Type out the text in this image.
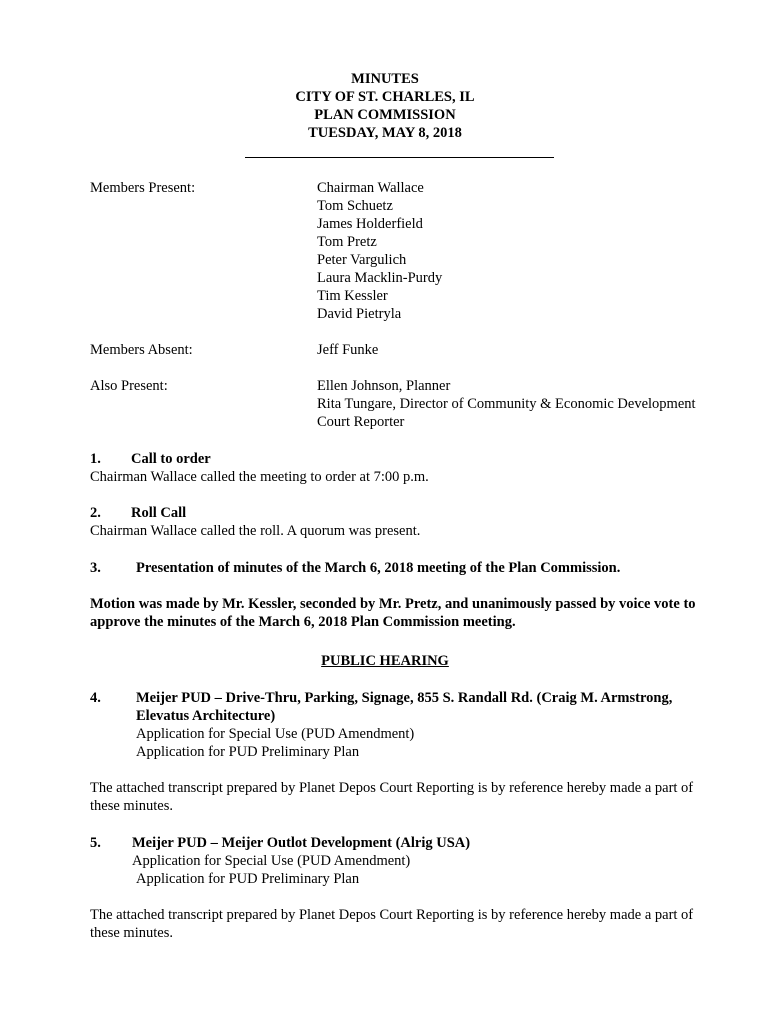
MINUTES
CITY OF ST. CHARLES, IL
PLAN COMMISSION
TUESDAY, MAY 8, 2018
Members Present:	Chairman Wallace
Tom Schuetz
James Holderfield
Tom Pretz
Peter Vargulich
Laura Macklin-Purdy
Tim Kessler
David Pietryla
Members Absent:	Jeff Funke
Also Present:	Ellen Johnson, Planner
Rita Tungare, Director of Community & Economic Development
Court Reporter
1. Call to order
Chairman Wallace called the meeting to order at 7:00 p.m.
2. Roll Call
Chairman Wallace called the roll. A quorum was present.
3. Presentation of minutes of the March 6, 2018 meeting of the Plan Commission.
Motion was made by Mr. Kessler, seconded by Mr. Pretz, and unanimously passed by voice vote to
approve the minutes of the March 6, 2018 Plan Commission meeting.
PUBLIC HEARING
4. Meijer PUD – Drive-Thru, Parking, Signage, 855 S. Randall Rd. (Craig M. Armstrong,
Elevatus Architecture)
Application for Special Use (PUD Amendment)
Application for PUD Preliminary Plan
The attached transcript prepared by Planet Depos Court Reporting is by reference hereby made a part of
these minutes.
5. Meijer PUD – Meijer Outlot Development (Alrig USA)
Application for Special Use (PUD Amendment)
Application for PUD Preliminary Plan
The attached transcript prepared by Planet Depos Court Reporting is by reference hereby made a part of
these minutes.
